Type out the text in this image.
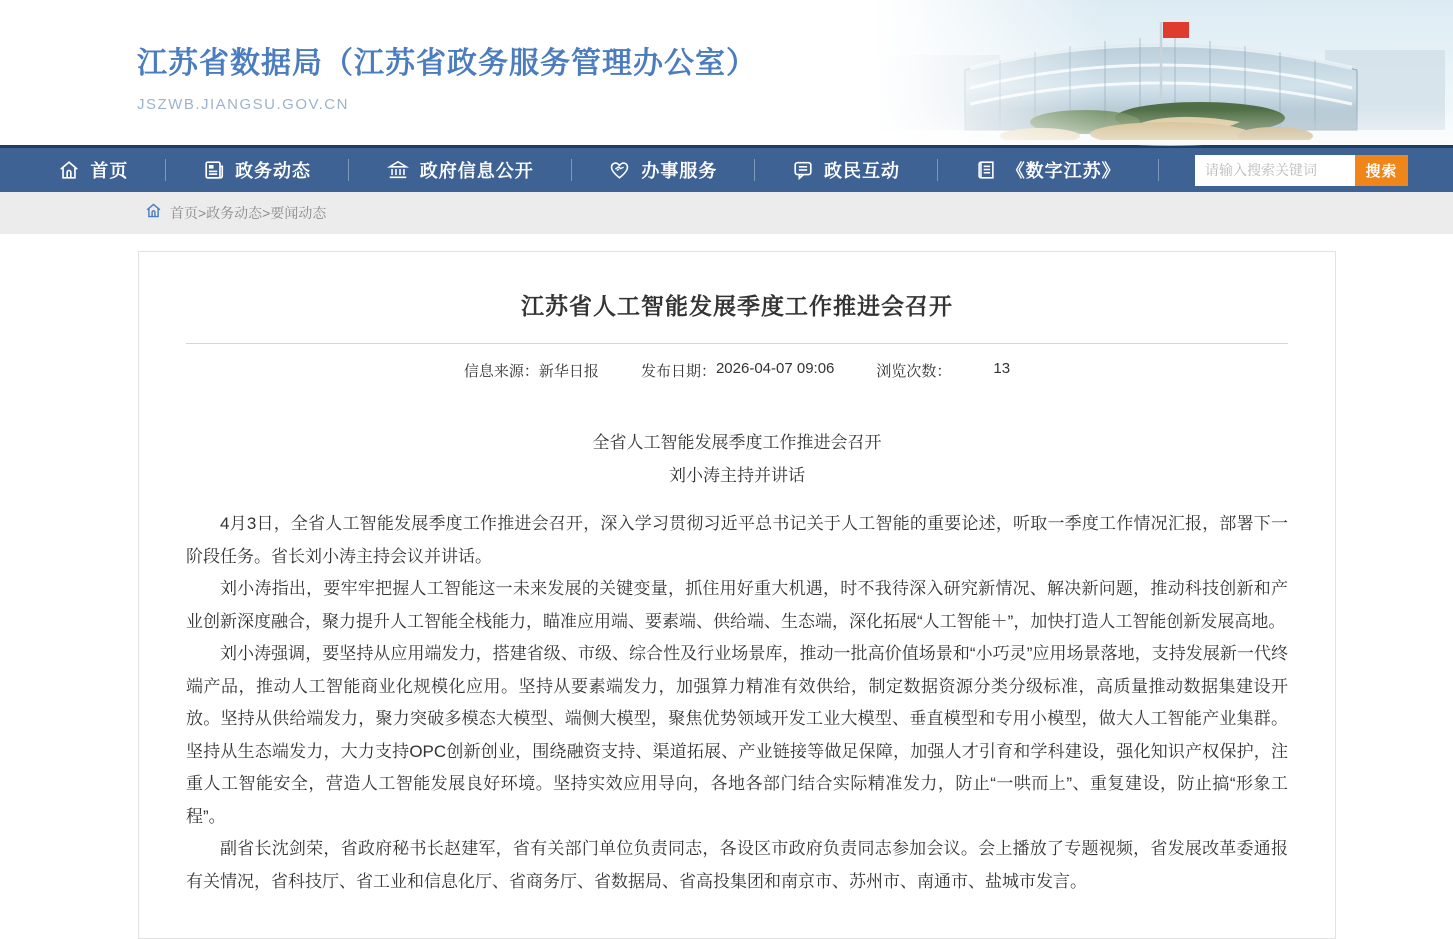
江苏省数据局（江苏省政务服务管理办公室）
JSZWB.JIANGSU.GOV.CN
首页	政务动态	政府信息公开	办事服务	政民互动	《数字江苏》
请输入搜索关键词	搜索
首页>政务动态>要闻动态
江苏省人工智能发展季度工作推进会召开
信息来源： 新华日报	发布日期： 2026-04-07 09:06	浏览次数：	13
全省人工智能发展季度工作推进会召开
刘小涛主持并讲话

4月3日，全省人工智能发展季度工作推进会召开，深入学习贯彻习近平总书记关于人工智能的重要论述，听取一季度工作情况汇报，部署下一阶段任务。省长刘小涛主持会议并讲话。

刘小涛指出，要牢牢把握人工智能这一未来发展的关键变量，抓住用好重大机遇，时不我待深入研究新情况、解决新问题，推动科技创新和产业创新深度融合，聚力提升人工智能全栈能力，瞄准应用端、要素端、供给端、生态端，深化拓展“人工智能＋”，加快打造人工智能创新发展高地。

刘小涛强调，要坚持从应用端发力，搭建省级、市级、综合性及行业场景库，推动一批高价值场景和“小巧灵”应用场景落地，支持发展新一代终端产品，推动人工智能商业化规模化应用。坚持从要素端发力，加强算力精准有效供给，制定数据资源分类分级标准，高质量推动数据集建设开放。坚持从供给端发力，聚力突破多模态大模型、端侧大模型，聚焦优势领域开发工业大模型、垂直模型和专用小模型，做大人工智能产业集群。坚持从生态端发力，大力支持OPC创新创业，围绕融资支持、渠道拓展、产业链接等做足保障，加强人才引育和学科建设，强化知识产权保护，注重人工智能安全，营造人工智能发展良好环境。坚持实效应用导向，各地各部门结合实际精准发力，防止“一哄而上”、重复建设，防止搞“形象工程”。

副省长沈剑荣，省政府秘书长赵建军，省有关部门单位负责同志，各设区市政府负责同志参加会议。会上播放了专题视频，省发展改革委通报有关情况，省科技厅、省工业和信息化厅、省商务厅、省数据局、省高投集团和南京市、苏州市、南通市、盐城市发言。
